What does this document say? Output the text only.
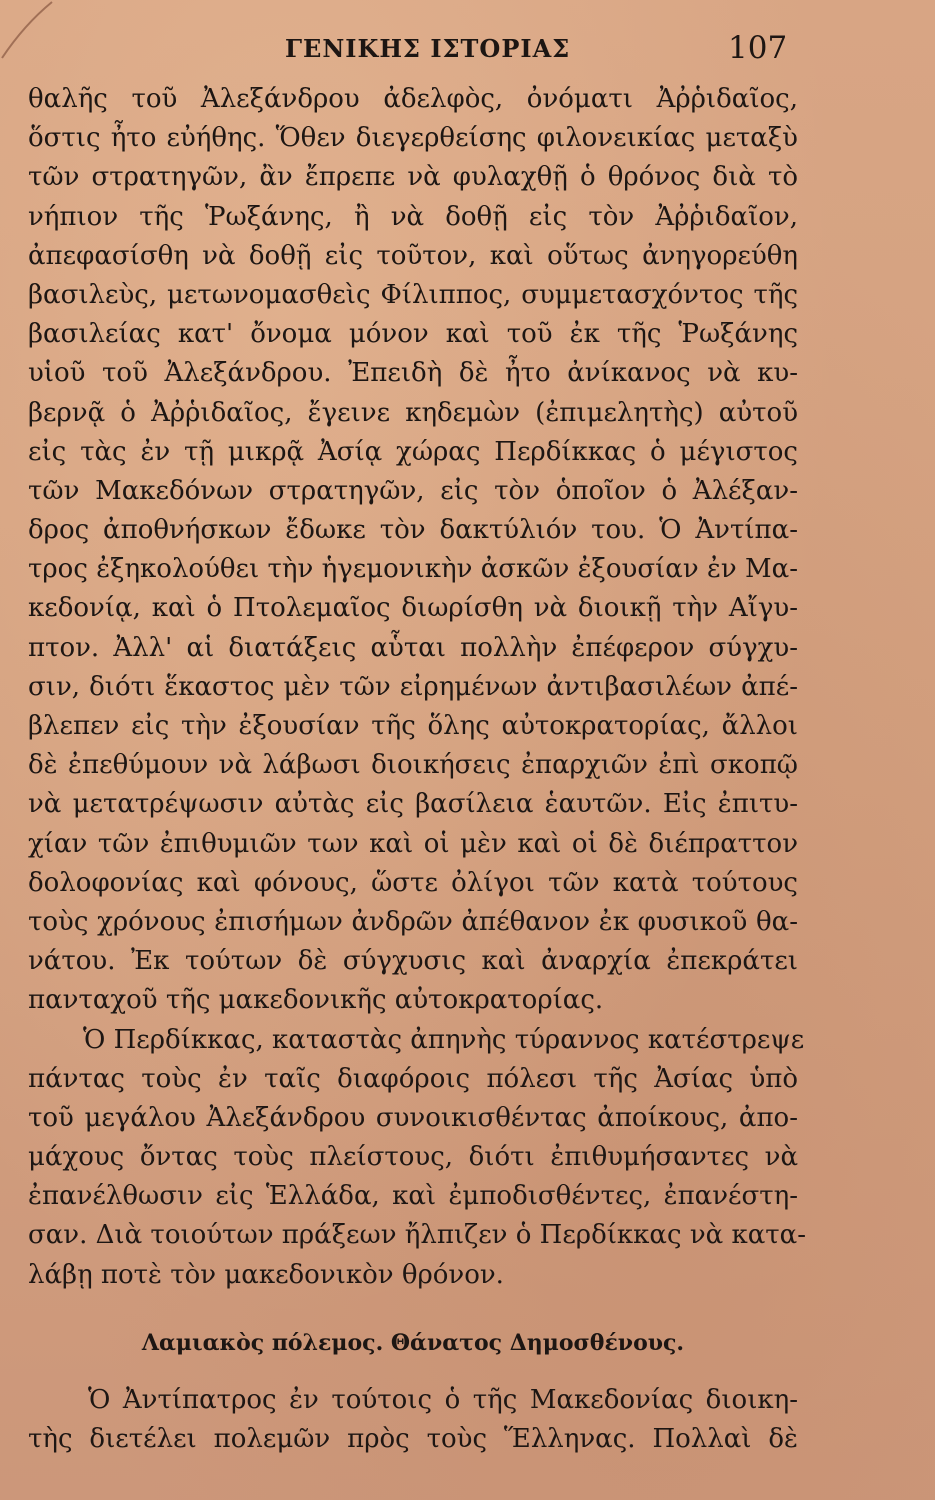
ΓΕΝΙΚΗΣ ΙΣΤΟΡΙΑΣ	107
θαλῆς τοῦ Ἀλεξάνδρου ἀδελφὸς, ὀνόματι Ἀῤῥιδαῖος,
ὅστις ἦτο εὐήθης. Ὅθεν διεγερθείσης φιλονεικίας μεταξὺ
τῶν στρατηγῶν, ἂν ἔπρεπε νὰ φυλαχθῇ ὁ θρόνος διὰ τὸ
νήπιον τῆς Ῥωξάνης, ἢ νὰ δοθῇ εἰς τὸν Ἀῤῥιδαῖον,
ἀπεφασίσθη νὰ δοθῇ εἰς τοῦτον, καὶ οὕτως ἀνηγορεύθη
βασιλεὺς, μετωνομασθεὶς Φίλιππος, συμμετασχόντος τῆς
βασιλείας κατ' ὄνομα μόνον καὶ τοῦ ἐκ τῆς Ῥωξάνης
υἱοῦ τοῦ Ἀλεξάνδρου. Ἐπειδὴ δὲ ἦτο ἀνίκανος νὰ κυ-
βερνᾷ ὁ Ἀῤῥιδαῖος, ἔγεινε κηδεμὼν (ἐπιμελητὴς) αὐτοῦ
εἰς τὰς ἐν τῇ μικρᾷ Ἀσίᾳ χώρας Περδίκκας ὁ μέγιστος
τῶν Μακεδόνων στρατηγῶν, εἰς τὸν ὁποῖον ὁ Ἀλέξαν-
δρος ἀποθνήσκων ἔδωκε τὸν δακτύλιόν του. Ὁ Ἀντίπα-
τρος ἐξηκολούθει τὴν ἡγεμονικὴν ἀσκῶν ἐξουσίαν ἐν Μα-
κεδονίᾳ, καὶ ὁ Πτολεμαῖος διωρίσθη νὰ διοικῇ τὴν Αἴγυ-
πτον. Ἀλλ' αἱ διατάξεις αὗται πολλὴν ἐπέφερον σύγχυ-
σιν, διότι ἕκαστος μὲν τῶν εἰρημένων ἀντιβασιλέων ἀπέ-
βλεπεν εἰς τὴν ἐξουσίαν τῆς ὅλης αὐτοκρατορίας, ἄλλοι
δὲ ἐπεθύμουν νὰ λάβωσι διοικήσεις ἐπαρχιῶν ἐπὶ σκοπῷ
νὰ μετατρέψωσιν αὐτὰς εἰς βασίλεια ἑαυτῶν. Εἰς ἐπιτυ-
χίαν τῶν ἐπιθυμιῶν των καὶ οἱ μὲν καὶ οἱ δὲ διέπραττον
δολοφονίας καὶ φόνους, ὥστε ὀλίγοι τῶν κατὰ τούτους
τοὺς χρόνους ἐπισήμων ἀνδρῶν ἀπέθανον ἐκ φυσικοῦ θα-
νάτου. Ἐκ τούτων δὲ σύγχυσις καὶ ἀναρχία ἐπεκράτει
πανταχοῦ τῆς μακεδονικῆς αὐτοκρατορίας.
Ὁ Περδίκκας, καταστὰς ἀπηνὴς τύραννος κατέστρεψε
πάντας τοὺς ἐν ταῖς διαφόροις πόλεσι τῆς Ἀσίας ὑπὸ
τοῦ μεγάλου Ἀλεξάνδρου συνοικισθέντας ἀποίκους, ἀπο-
μάχους ὄντας τοὺς πλείστους, διότι ἐπιθυμήσαντες νὰ
ἐπανέλθωσιν εἰς Ἑλλάδα, καὶ ἐμποδισθέντες, ἐπανέστη-
σαν. Διὰ τοιούτων πράξεων ἤλπιζεν ὁ Περδίκκας νὰ κατα-
λάβῃ ποτὲ τὸν μακεδονικὸν θρόνον.
Λαμιακὸς πόλεμος. Θάνατος Δημοσθένους.
Ὁ Ἀντίπατρος ἐν τούτοις ὁ τῆς Μακεδονίας διοικη-
τὴς διετέλει πολεμῶν πρὸς τοὺς Ἕλληνας. Πολλαὶ δὲ
